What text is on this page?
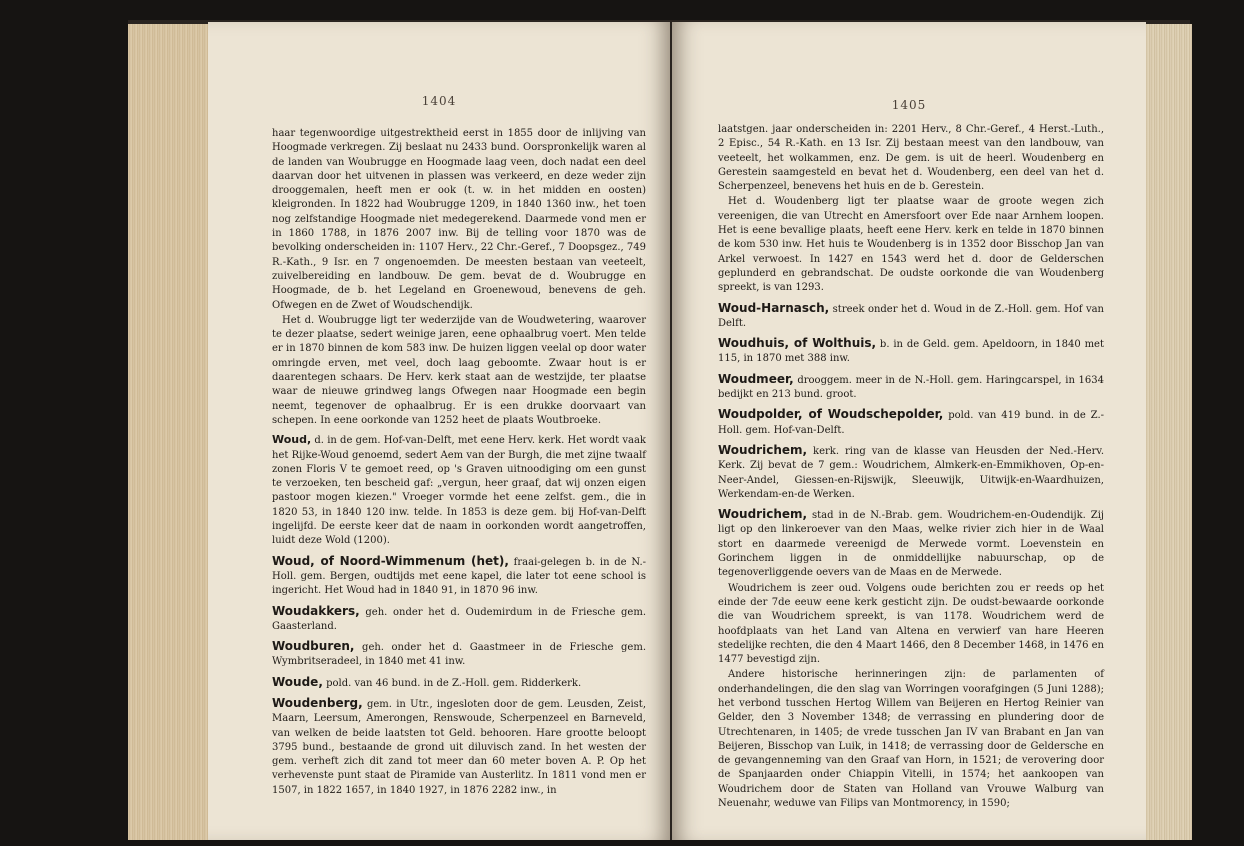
1404

haar tegenwoordige uitgestrektheid eerst in 1855 door de inlijving van Hoogmade verkregen. Zij beslaat nu 2433 bund. Oorspronkelijk waren al de landen van Woubrugge en Hoogmade laag veen, doch nadat een deel daarvan door het uitvenen in plassen was verkeerd, en deze weder zijn drooggemalen, heeft men er ook (t. w. in het midden en oosten) kleigronden. In 1822 had Woubrugge 1209, in 1840 1360 inw., het toen nog zelfstandige Hoogmade niet medegerekend. Daarmede vond men er in 1860 1788, in 1876 2007 inw. Bij de telling voor 1870 was de bevolking onderscheiden in: 1107 Herv., 22 Chr.-Geref., 7 Doopsgez., 749 R.-Kath., 9 Isr. en 7 ongenoemden. De meesten bestaan van veeteelt, zuivelbereiding en landbouw. De gem. bevat de d. Woubrugge en Hoogmade, de b. het Legeland en Groenewoud, benevens de geh. Ofwegen en de Zwet of Woudschendijk.

Het d. Woubrugge ligt ter wederzijde van de Woudwetering, waarover te dezer plaatse, sedert weinige jaren, eene ophaalbrug voert. Men telde er in 1870 binnen de kom 583 inw. De huizen liggen veelal op door water omringde erven, met veel, doch laag geboomte. Zwaar hout is er daarentegen schaars. De Herv. kerk staat aan de westzijde, ter plaatse waar de nieuwe grindweg langs Ofwegen naar Hoogmade een begin neemt, tegenover de ophaalbrug. Er is een drukke doorvaart van schepen. In eene oorkonde van 1252 heet de plaats Woutbroeke.

Woud, d. in de gem. Hof-van-Delft, met eene Herv. kerk. Het wordt vaak het Rijke-Woud genoemd, sedert Aem van der Burgh, die met zijne twaalf zonen Floris V te gemoet reed, op 's Graven uitnoodiging om een gunst te verzoeken, ten bescheid gaf: „vergun, heer graaf, dat wij onzen eigen pastoor mogen kiezen." Vroeger vormde het eene zelfst. gem., die in 1820 53, in 1840 120 inw. telde. In 1853 is deze gem. bij Hof-van-Delft ingelijfd. De eerste keer dat de naam in oorkonden wordt aangetroffen, luidt deze Wold (1200).

Woud, of Noord-Wimmenum (het), fraai-gelegen b. in de N.-Holl. gem. Bergen, oudtijds met eene kapel, die later tot eene school is ingericht. Het Woud had in 1840 91, in 1870 96 inw.

Woudakkers, geh. onder het d. Oudemirdum in de Friesche gem. Gaasterland.

Woudburen, geh. onder het d. Gaastmeer in de Friesche gem. Wymbritseradeel, in 1840 met 41 inw.

Woude, pold. van 46 bund. in de Z.-Holl. gem. Ridderkerk.

Woudenberg, gem. in Utr., ingesloten door de gem. Leusden, Zeist, Maarn, Leersum, Amerongen, Renswoude, Scherpenzeel en Barneveld, van welken de beide laatsten tot Geld. behooren. Hare grootte beloopt 3795 bund., bestaande de grond uit diluvisch zand. In het westen der gem. verheft zich dit zand tot meer dan 60 meter boven A. P. Op het verhevenste punt staat de Piramide van Austerlitz. In 1811 vond men er 1507, in 1822 1657, in 1840 1927, in 1876 2282 inw., in

1405

laatstgen. jaar onderscheiden in: 2201 Herv., 8 Chr.-Geref., 4 Herst.-Luth., 2 Episc., 54 R.-Kath. en 13 Isr. Zij bestaan meest van den landbouw, van veeteelt, het wolkammen, enz. De gem. is uit de heerl. Woudenberg en Gerestein saamgesteld en bevat het d. Woudenberg, een deel van het d. Scherpenzeel, benevens het huis en de b. Gerestein.

Het d. Woudenberg ligt ter plaatse waar de groote wegen zich vereenigen, die van Utrecht en Amersfoort over Ede naar Arnhem loopen. Het is eene bevallige plaats, heeft eene Herv. kerk en telde in 1870 binnen de kom 530 inw. Het huis te Woudenberg is in 1352 door Bisschop Jan van Arkel verwoest. In 1427 en 1543 werd het d. door de Gelderschen geplunderd en gebrandschat. De oudste oorkonde die van Woudenberg spreekt, is van 1293.

Woud-Harnasch, streek onder het d. Woud in de Z.-Holl. gem. Hof van Delft.

Woudhuis, of Wolthuis, b. in de Geld. gem. Apeldoorn, in 1840 met 115, in 1870 met 388 inw.

Woudmeer, drooggem. meer in de N.-Holl. gem. Haringcarspel, in 1634 bedijkt en 213 bund. groot.

Woudpolder, of Woudschepolder, pold. van 419 bund. in de Z.-Holl. gem. Hof-van-Delft.

Woudrichem, kerk. ring van de klasse van Heusden der Ned.-Herv. Kerk. Zij bevat de 7 gem.: Woudrichem, Almkerk-en-Emmikhoven, Op-en-Neer-Andel, Giessen-en-Rijswijk, Sleeuwijk, Uitwijk-en-Waardhuizen, Werkendam-en-de Werken.

Woudrichem, stad in de N.-Brab. gem. Woudrichem-en-Oudendijk. Zij ligt op den linkeroever van den Maas, welke rivier zich hier in de Waal stort en daarmede vereenigd de Merwede vormt. Loevenstein en Gorinchem liggen in de onmiddellijke nabuurschap, op de tegenoverliggende oevers van de Maas en de Merwede.

Woudrichem is zeer oud. Volgens oude berichten zou er reeds op het einde der 7de eeuw eene kerk gesticht zijn. De oudst-bewaarde oorkonde die van Woudrichem spreekt, is van 1178. Woudrichem werd de hoofdplaats van het Land van Altena en verwierf van hare Heeren stedelijke rechten, die den 4 Maart 1466, den 8 December 1468, in 1476 en 1477 bevestigd zijn.

Andere historische herinneringen zijn: de parlamenten of onderhandelingen, die den slag van Worringen voorafgingen (5 Juni 1288); het verbond tusschen Hertog Willem van Beijeren en Hertog Reinier van Gelder, den 3 November 1348; de verrassing en plundering door de Utrechtenaren, in 1405; de vrede tusschen Jan IV van Brabant en Jan van Beijeren, Bisschop van Luik, in 1418; de verrassing door de Geldersche en de gevangenneming van den Graaf van Horn, in 1521; de verovering door de Spanjaarden onder Chiappin Vitelli, in 1574; het aankoopen van Woudrichem door de Staten van Holland van Vrouwe Walburg van Neuenahr, weduwe van Filips van Montmorency, in 1590;
